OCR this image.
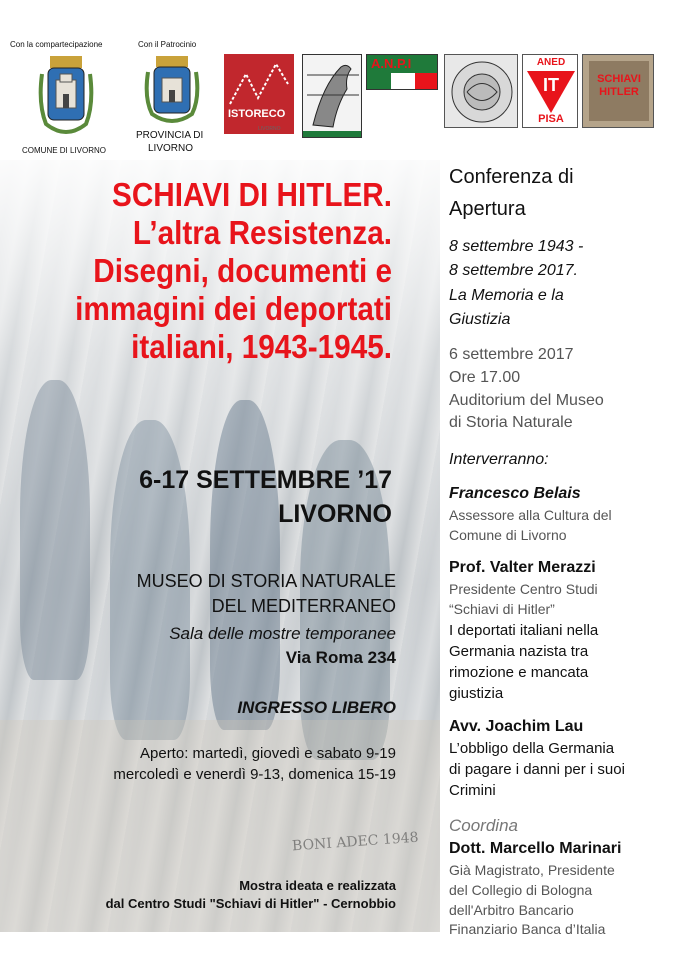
Con la compartecipazione
COMUNE DI LIVORNO
Con il Patrocinio
PROVINCIA DI
LIVORNO
ISTORECO
LIVORNO
A.N.P.I	ANED
IT
PISA
SCHIAVI HITLER
BONI ADEC 1948
SCHIAVI DI HITLER.
L’altra Resistenza.
Disegni, documenti e
immagini dei deportati
italiani, 1943-1945.
6-17 SETTEMBRE ’17
LIVORNO
MUSEO DI STORIA NATURALE
DEL MEDITERRANEO
Sala delle mostre temporanee
Via Roma 234
INGRESSO LIBERO
Aperto: martedì, giovedì e sabato 9-19
mercoledì e venerdì 9-13, domenica 15-19
Mostra ideata e realizzata
dal Centro Studi "Schiavi di Hitler" - Cernobbio
Conferenza di
Apertura
8 settembre 1943 -
8 settembre 2017.
La Memoria e la
Giustizia
6 settembre 2017
Ore 17.00
Auditorium del Museo
di Storia Naturale
Interverranno:
Francesco Belais
Assessore alla Cultura del
Comune di Livorno
Prof. Valter Merazzi
Presidente Centro Studi
“Schiavi di Hitler”
I deportati italiani nella
Germania nazista tra
rimozione e mancata
giustizia
Avv. Joachim Lau
L’obbligo della Germania
di pagare i danni per i suoi
Crimini
Coordina
Dott. Marcello Marinari
Già Magistrato, Presidente
del Collegio di Bologna
dell'Arbitro Bancario
Finanziario Banca d’Italia
